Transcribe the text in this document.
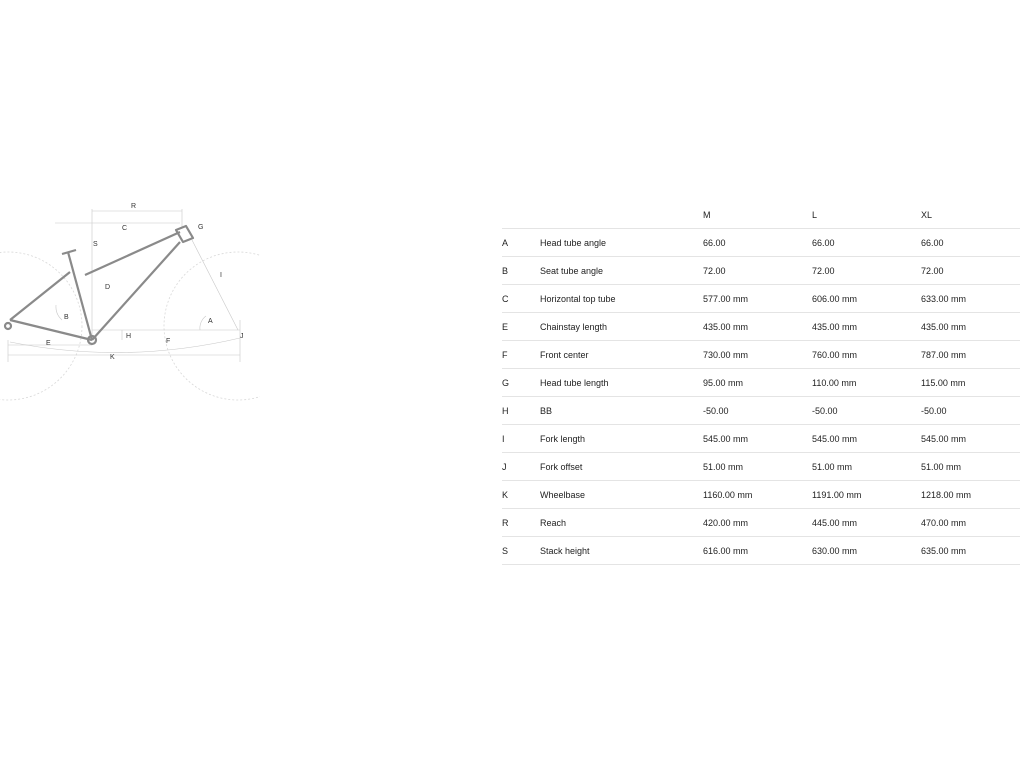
R
C	G
S
I
D
A
B
H	J
E	F
K
		M	L	XL
A	Head tube angle	66.00	66.00	66.00
B	Seat tube angle	72.00	72.00	72.00
C	Horizontal top tube	577.00 mm	606.00 mm	633.00 mm
E	Chainstay length	435.00 mm	435.00 mm	435.00 mm
F	Front center	730.00 mm	760.00 mm	787.00 mm
G	Head tube length	95.00 mm	110.00 mm	115.00 mm
H	BB	-50.00	-50.00	-50.00
I	Fork length	545.00 mm	545.00 mm	545.00 mm
J	Fork offset	51.00 mm	51.00 mm	51.00 mm
K	Wheelbase	1160.00 mm	1191.00 mm	1218.00 mm
R	Reach	420.00 mm	445.00 mm	470.00 mm
S	Stack height	616.00 mm	630.00 mm	635.00 mm
